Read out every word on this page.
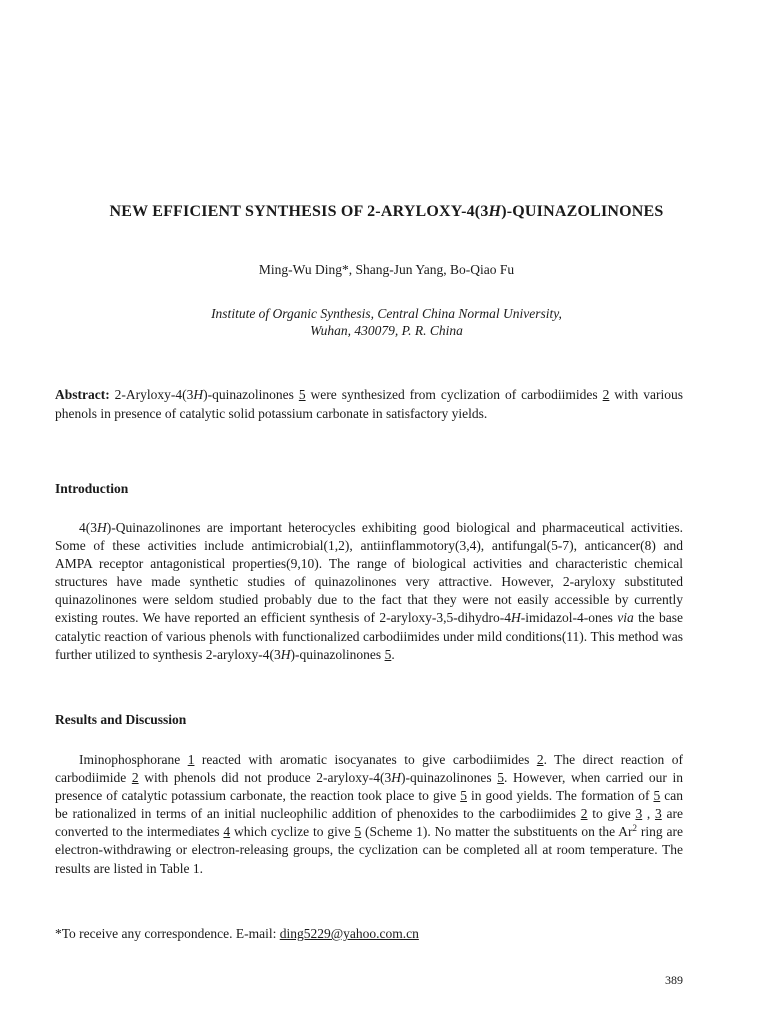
NEW EFFICIENT SYNTHESIS OF 2-ARYLOXY-4(3H)-QUINAZOLINONES
Ming-Wu Ding*, Shang-Jun Yang, Bo-Qiao Fu
Institute of Organic Synthesis, Central China Normal University,
Wuhan, 430079, P. R. China
Abstract: 2-Aryloxy-4(3H)-quinazolinones 5 were synthesized from cyclization of carbodiimides 2 with various phenols in presence of catalytic solid potassium carbonate in satisfactory yields.
Introduction
4(3H)-Quinazolinones are important heterocycles exhibiting good biological and pharmaceutical activities. Some of these activities include antimicrobial(1,2), antiinflammotory(3,4), antifungal(5-7), anticancer(8) and AMPA receptor antagonistical properties(9,10). The range of biological activities and characteristic chemical structures have made synthetic studies of quinazolinones very attractive. However, 2-aryloxy substituted quinazolinones were seldom studied probably due to the fact that they were not easily accessible by currently existing routes. We have reported an efficient synthesis of 2-aryloxy-3,5-dihydro-4H-imidazol-4-ones via the base catalytic reaction of various phenols with functionalized carbodiimides under mild conditions(11). This method was further utilized to synthesis 2-aryloxy-4(3H)-quinazolinones 5.
Results and Discussion
Iminophosphorane 1 reacted with aromatic isocyanates to give carbodiimides 2. The direct reaction of carbodiimide 2 with phenols did not produce 2-aryloxy-4(3H)-quinazolinones 5. However, when carried our in presence of catalytic potassium carbonate, the reaction took place to give 5 in good yields. The formation of 5 can be rationalized in terms of an initial nucleophilic addition of phenoxides to the carbodiimides 2 to give 3 , 3 are converted to the intermediates 4 which cyclize to give 5 (Scheme 1). No matter the substituents on the Ar$^2$ ring are electron-withdrawing or electron-releasing groups, the cyclization can be completed all at room temperature. The results are listed in Table 1.
*To receive any correspondence. E-mail: ding5229@yahoo.com.cn
389
